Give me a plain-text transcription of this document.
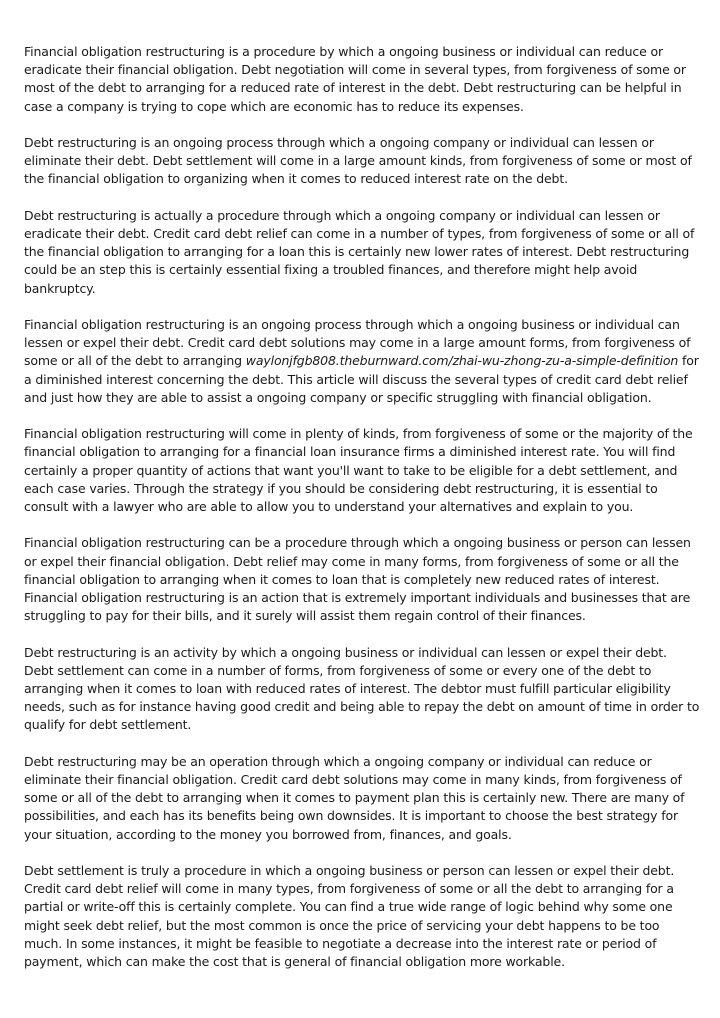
Financial obligation restructuring is a procedure by which a ongoing business or individual can reduce or eradicate their financial obligation. Debt negotiation will come in several types, from forgiveness of some or most of the debt to arranging for a reduced rate of interest in the debt. Debt restructuring can be helpful in case a company is trying to cope which are economic has to reduce its expenses.

Debt restructuring is an ongoing process through which a ongoing company or individual can lessen or eliminate their debt. Debt settlement will come in a large amount kinds, from forgiveness of some or most of the financial obligation to organizing when it comes to reduced interest rate on the debt.

Debt restructuring is actually a procedure through which a ongoing company or individual can lessen or eradicate their debt. Credit card debt relief can come in a number of types, from forgiveness of some or all of the financial obligation to arranging for a loan this is certainly new lower rates of interest. Debt restructuring could be an step this is certainly essential fixing a troubled finances, and therefore might help avoid bankruptcy.

Financial obligation restructuring is an ongoing process through which a ongoing business or individual can lessen or expel their debt. Credit card debt solutions may come in a large amount forms, from forgiveness of some or all of the debt to arranging waylonjfgb808.theburnward.com/zhai-wu-zhong-zu-a-simple-definition for a diminished interest concerning the debt. This article will discuss the several types of credit card debt relief and just how they are able to assist a ongoing company or specific struggling with financial obligation.

Financial obligation restructuring will come in plenty of kinds, from forgiveness of some or the majority of the financial obligation to arranging for a financial loan insurance firms a diminished interest rate. You will find certainly a proper quantity of actions that want you'll want to take to be eligible for a debt settlement, and each case varies. Through the strategy if you should be considering debt restructuring, it is essential to consult with a lawyer who are able to allow you to understand your alternatives and explain to you.

Financial obligation restructuring can be a procedure through which a ongoing business or person can lessen or expel their financial obligation. Debt relief may come in many forms, from forgiveness of some or all the financial obligation to arranging when it comes to loan that is completely new reduced rates of interest. Financial obligation restructuring is an action that is extremely important individuals and businesses that are struggling to pay for their bills, and it surely will assist them regain control of their finances.

Debt restructuring is an activity by which a ongoing business or individual can lessen or expel their debt. Debt settlement can come in a number of forms, from forgiveness of some or every one of the debt to arranging when it comes to loan with reduced rates of interest. The debtor must fulfill particular eligibility needs, such as for instance having good credit and being able to repay the debt on amount of time in order to qualify for debt settlement.

Debt restructuring may be an operation through which a ongoing company or individual can reduce or eliminate their financial obligation. Credit card debt solutions may come in many kinds, from forgiveness of some or all of the debt to arranging when it comes to payment plan this is certainly new. There are many of possibilities, and each has its benefits being own downsides. It is important to choose the best strategy for your situation, according to the money you borrowed from, finances, and goals.

Debt settlement is truly a procedure in which a ongoing business or person can lessen or expel their debt. Credit card debt relief will come in many types, from forgiveness of some or all the debt to arranging for a partial or write-off this is certainly complete. You can find a true wide range of logic behind why some one might seek debt relief, but the most common is once the price of servicing your debt happens to be too much. In some instances, it might be feasible to negotiate a decrease into the interest rate or period of payment, which can make the cost that is general of financial obligation more workable.
